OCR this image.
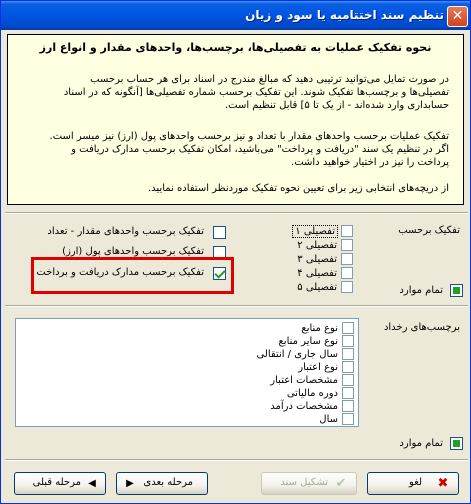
تنظیم سند اختتامیه یا سود و زیان ✕
نحوه تفکیک عملیات به تفصیلی‌ها، برچسب‌ها، واحدهای مقدار و انواع ارز
در صورت تمایل می‌توانید ترتیبی دهید که مبالغ مندرج در اسناد برای هر حساب برحسب
تفصیلی‌ها و برچسب‌ها تفکیک شوند. این تفکیک برحسب شماره تفصیلی‌ها [آنگونه که در اسناد
حسابداری وارد شده‌اند - از یک تا ۵] قابل تنظیم است.
تفکیک عملیات برحسب واحدهای مقدار با تعداد و نیز برحسب واحدهای پول (ارز) نیز میسر است.
اگر در تنظیم یک سند "دریافت و پرداخت" می‌باشید، امکان تفکیک برحسب مدارک دریافت و
پرداخت را نیز در اختیار خواهید داشت.
از دریچه‌های انتخابی زیر برای تعیین نحوه تفکیک موردنظر استفاده نمایید.
تفکیک برحسب
تفصیلی ۱
تفصیلی ۲
تفصیلی ۳
تفصیلی ۴
تفصیلی ۵
تفکیک برحسب واحدهای مقدار - تعداد
تفکیک برحسب واحدهای پول (ارز)
تفکیک برحسب مدارک دریافت و برداخت
تمام موارد
برچسب‌های رخداد
نوع منابع
نوع سایر منابع
سال جاری / انتقالی
نوع اعتبار
مشخصات اعتبار
دوره مالیاتی
مشخصات درآمد
سال
تمام موارد
✖
لغو
✔
تشکیل سند
▶ مرحله بعدی
◀
مرحله قبلی
